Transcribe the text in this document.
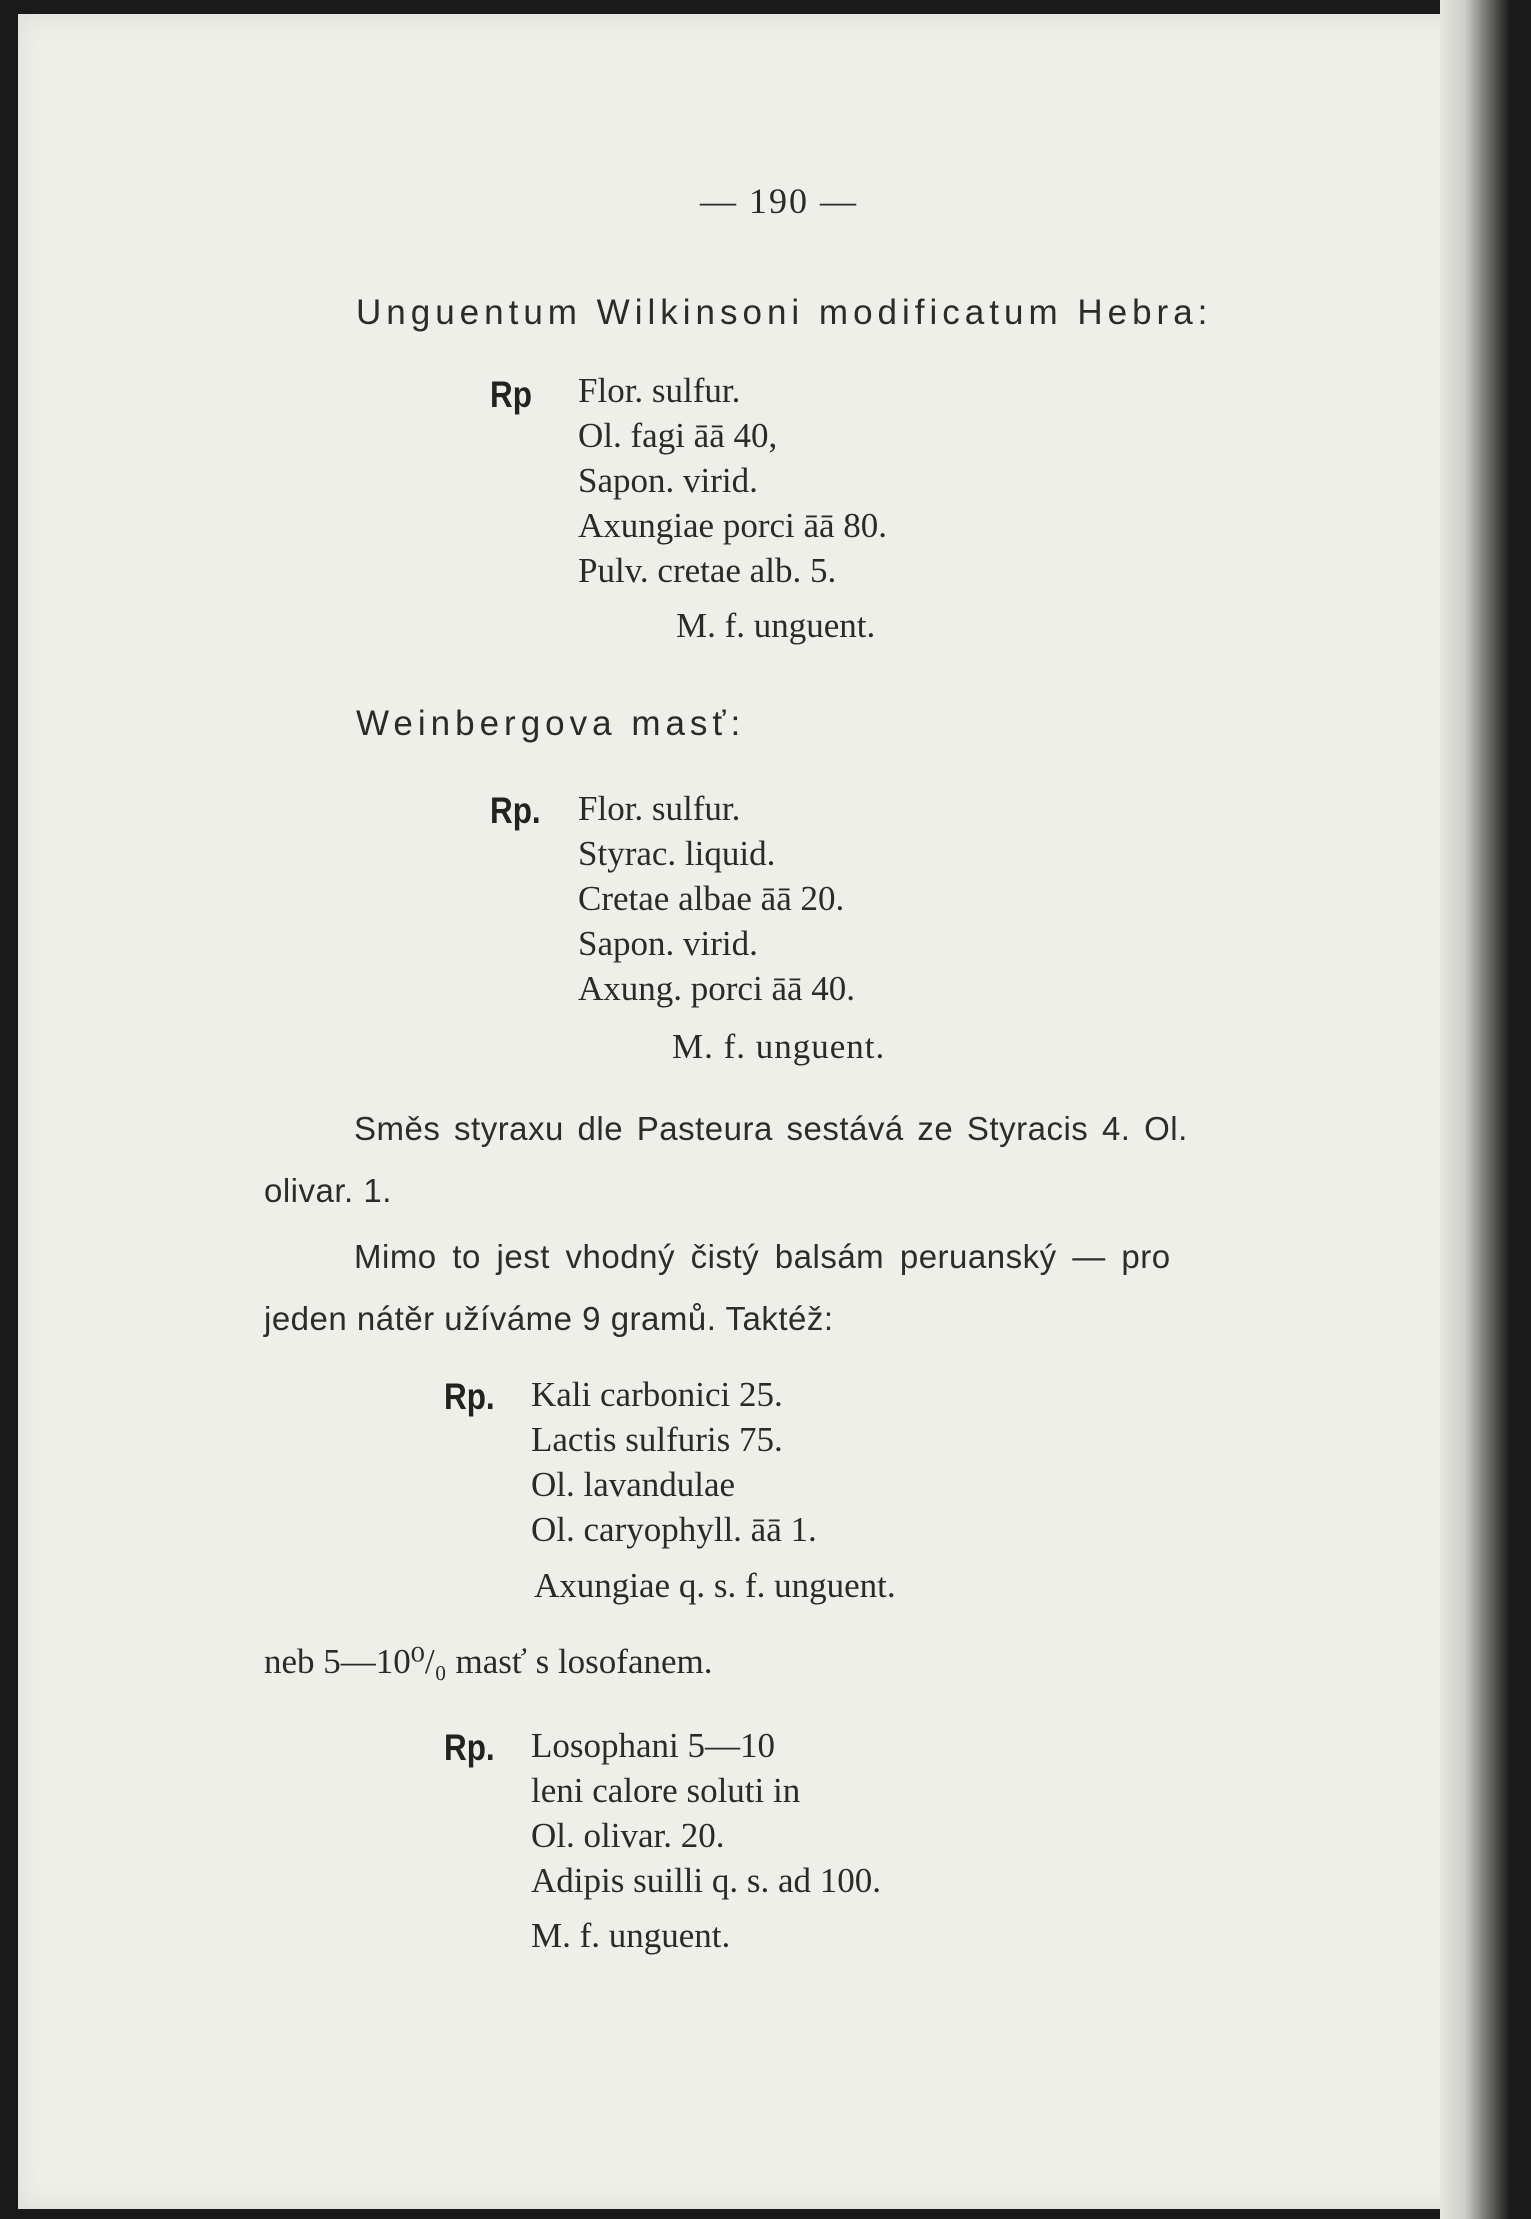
— 190 —
Unguentum Wilkinsoni modificatum Hebra:
Rp Flor. sulfur.
Ol. fagi āā 40,
Sapon. virid.
Axungiae porci āā 80.
Pulv. cretae alb. 5.
M. f. unguent.
Weinbergova masť:
Rp. Flor. sulfur.
Styrac. liquid.
Cretae albae āā 20.
Sapon. virid.
Axung. porci āā 40.
M. f. unguent.
Směs styraxu dle Pasteura sestává ze Styracis 4. Ol.
olivar. 1.
Mimo to jest vhodný čistý balsám peruanský — pro
jeden nátěr užíváme 9 gramů. Taktéž:
Rp. Kali carbonici 25.
Lactis sulfuris 75.
Ol. lavandulae
Ol. caryophyll. āā 1.
Axungiae q. s. f. unguent.
neb 5—10⁰/₀ masť s losofanem.
Rp. Losophani 5—10
leni calore soluti in
Ol. olivar. 20.
Adipis suilli q. s. ad 100.
M. f. unguent.
